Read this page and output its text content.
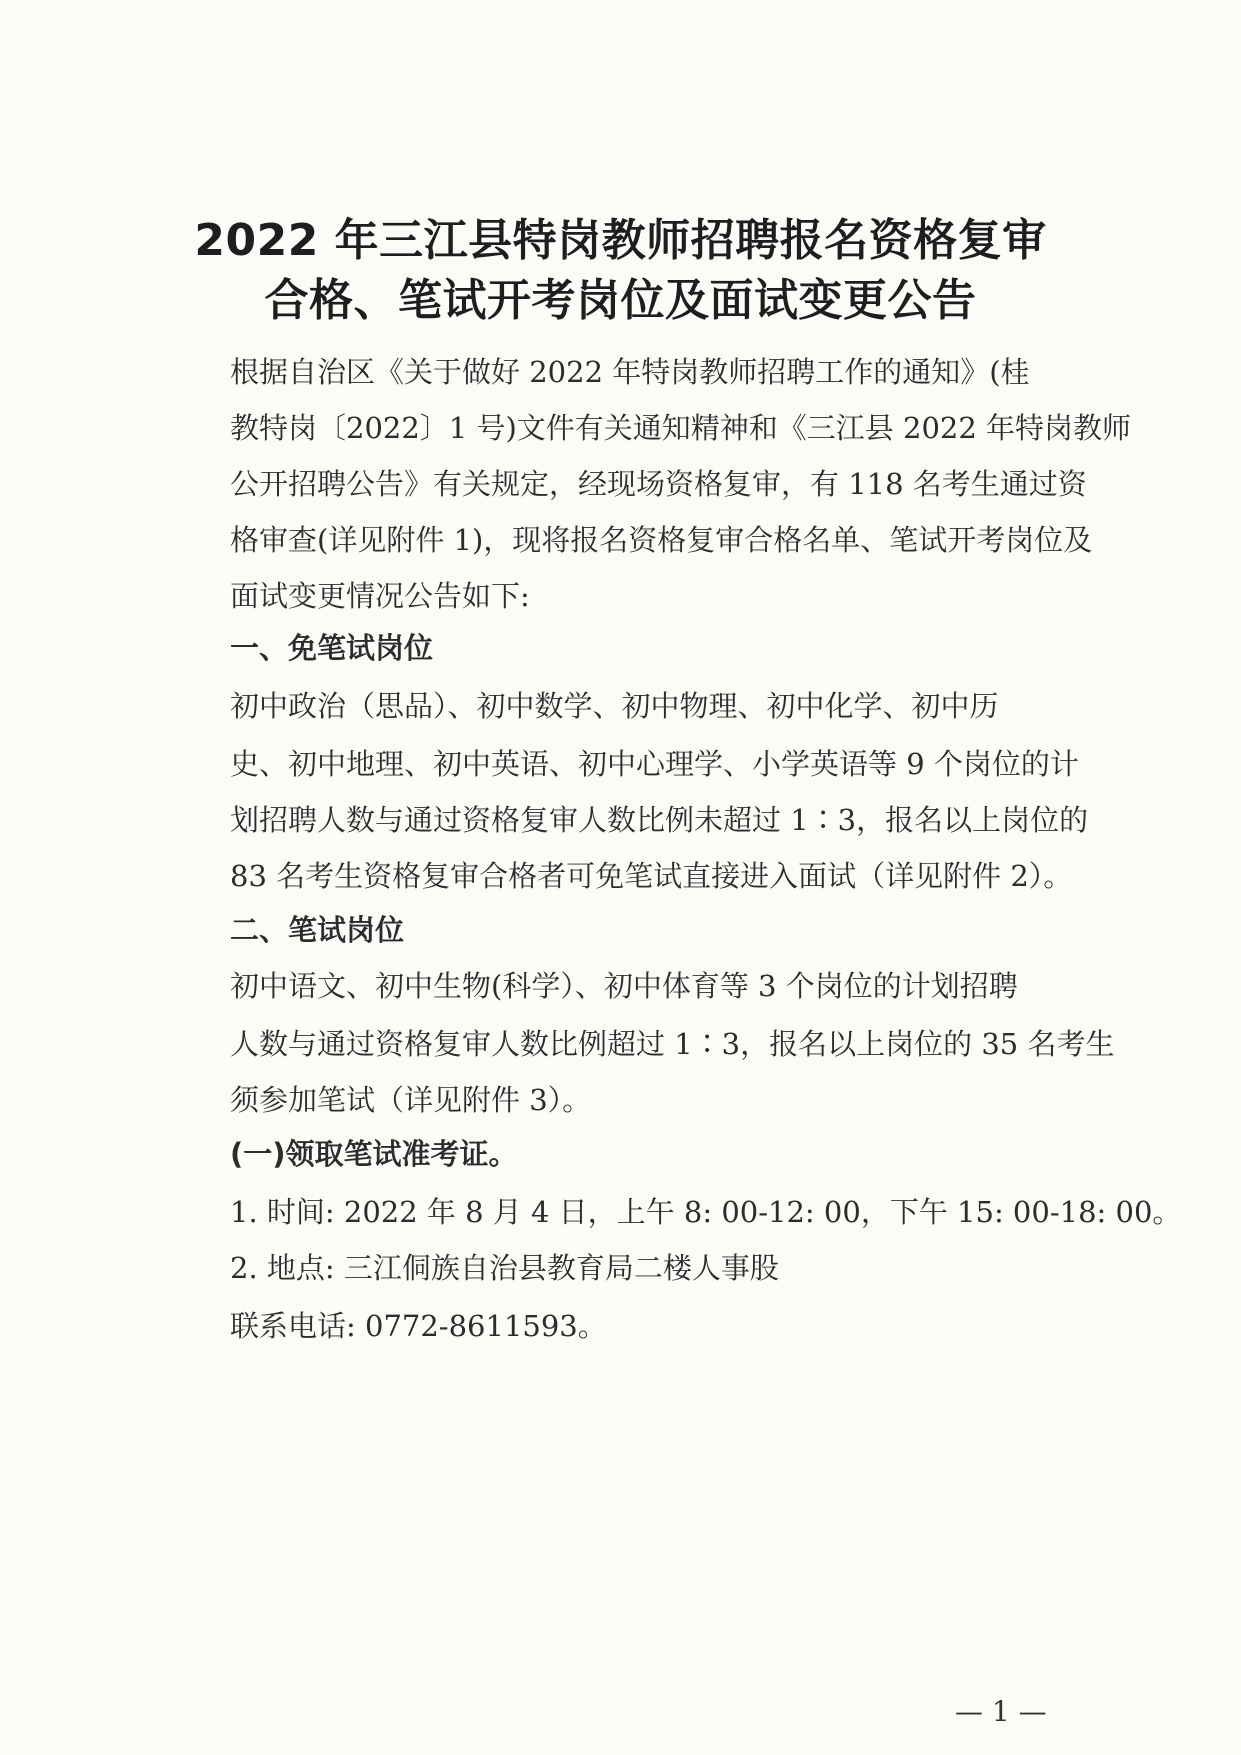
2022 年三江县特岗教师招聘报名资格复审
合格、笔试开考岗位及面试变更公告
根据自治区《关于做好 2022 年特岗教师招聘工作的通知》(桂
教特岗〔2022〕1 号)文件有关通知精神和《三江县 2022 年特岗教师
公开招聘公告》有关规定，经现场资格复审，有 118 名考生通过资
格审查(详见附件 1)，现将报名资格复审合格名单、笔试开考岗位及
面试变更情况公告如下:
一、免笔试岗位
初中政治（思品）、初中数学、初中物理、初中化学、初中历
史、初中地理、初中英语、初中心理学、小学英语等 9 个岗位的计
划招聘人数与通过资格复审人数比例未超过 1∶3，报名以上岗位的
83 名考生资格复审合格者可免笔试直接进入面试（详见附件 2）。
二、笔试岗位
初中语文、初中生物(科学）、初中体育等 3 个岗位的计划招聘
人数与通过资格复审人数比例超过 1∶3，报名以上岗位的 35 名考生
须参加笔试（详见附件 3）。
(一)领取笔试准考证。
1. 时间: 2022 年 8 月 4 日，上午 8: 00-12: 00，下午 15: 00-18: 00。
2. 地点: 三江侗族自治县教育局二楼人事股
联系电话: 0772-8611593。
— 1 —
